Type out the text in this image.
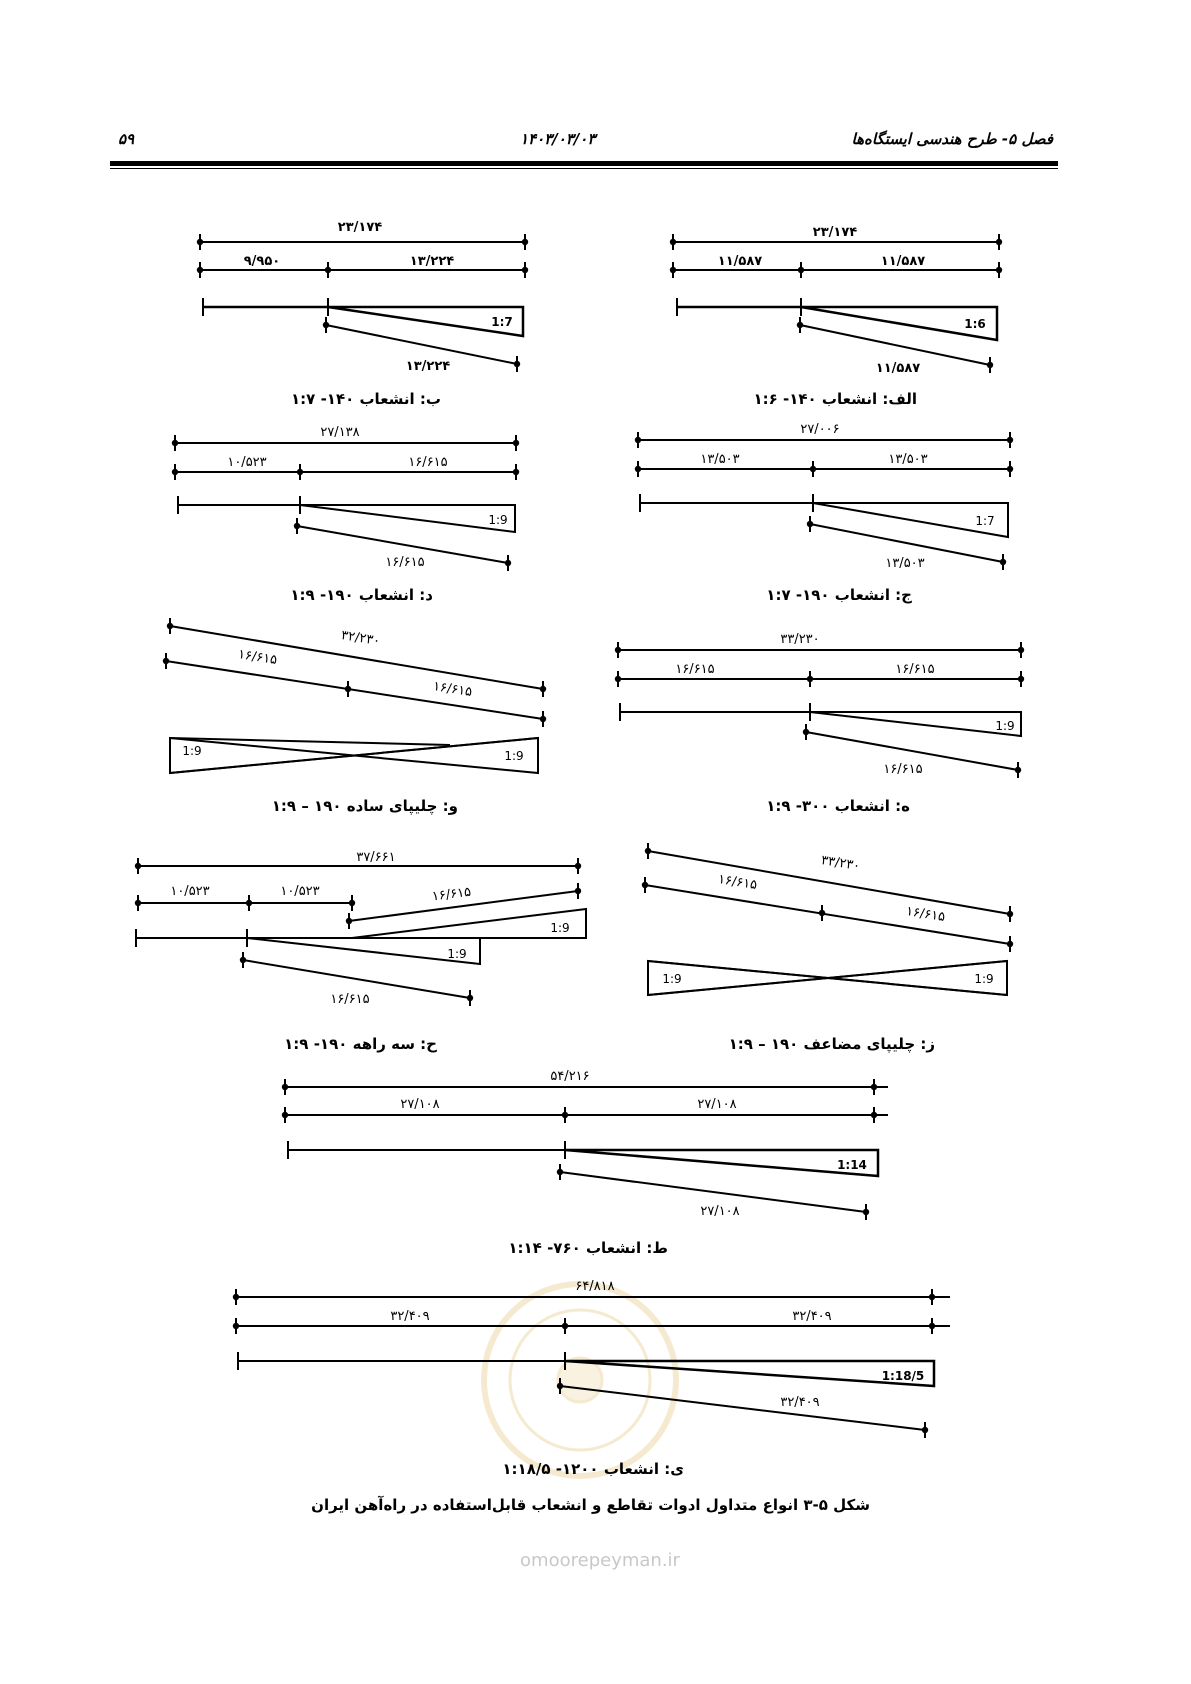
۵۹	۱۴۰۳/۰۳/۰۳	فصل ۵- طرح هندسی ایستگاه‌ها
omoorepeyman.ir
۲۳/۱۷۴
۱۱/۵۸۷	۱۱/۵۸۷
1:6
۱۱/۵۸۷
الف: انشعاب ۱۴۰- ۱:۶
۲۳/۱۷۴
۹/۹۵۰	۱۳/۲۲۴
1:7
۱۳/۲۲۴
ب: انشعاب ۱۴۰- ۱:۷
۲۷/۰۰۶
۱۳/۵۰۳	۱۳/۵۰۳
1:7
۱۳/۵۰۳
ج: انشعاب ۱۹۰- ۱:۷
۲۷/۱۳۸
۱۰/۵۲۳	۱۶/۶۱۵
1:9
۱۶/۶۱۵
د: انشعاب ۱۹۰- ۱:۹
۳۳/۲۳۰
۱۶/۶۱۵	۱۶/۶۱۵
1:9
۱۶/۶۱۵
ه: انشعاب ۳۰۰- ۱:۹
۳۲/۲۳۰
۱۶/۶۱۵
۱۶/۶۱۵
1:9	1:9
و: چلیپای ساده ۱۹۰ – ۱:۹
۳۳/۲۳۰
۱۶/۶۱۵
۱۶/۶۱۵
1:9	1:9
ز: چلیپای مضاعف ۱۹۰ – ۱:۹
۳۷/۶۶۱
۱۰/۵۲۳	۱۰/۵۲۳	۱۶/۶۱۵
1:9
1:9
۱۶/۶۱۵
ح: سه راهه ۱۹۰- ۱:۹
۵۴/۲۱۶
۲۷/۱۰۸	۲۷/۱۰۸
1:14
۲۷/۱۰۸
ط: انشعاب ۷۶۰- ۱:۱۴
۶۴/۸۱۸
۳۲/۴۰۹	۳۲/۴۰۹
1:18/5
۳۲/۴۰۹
ی: انشعاب ۱۲۰۰- ۱:۱۸/۵
شکل ۵-۳ انواع متداول ادوات تقاطع و انشعاب قابل‌استفاده در راه‌آهن ایران
